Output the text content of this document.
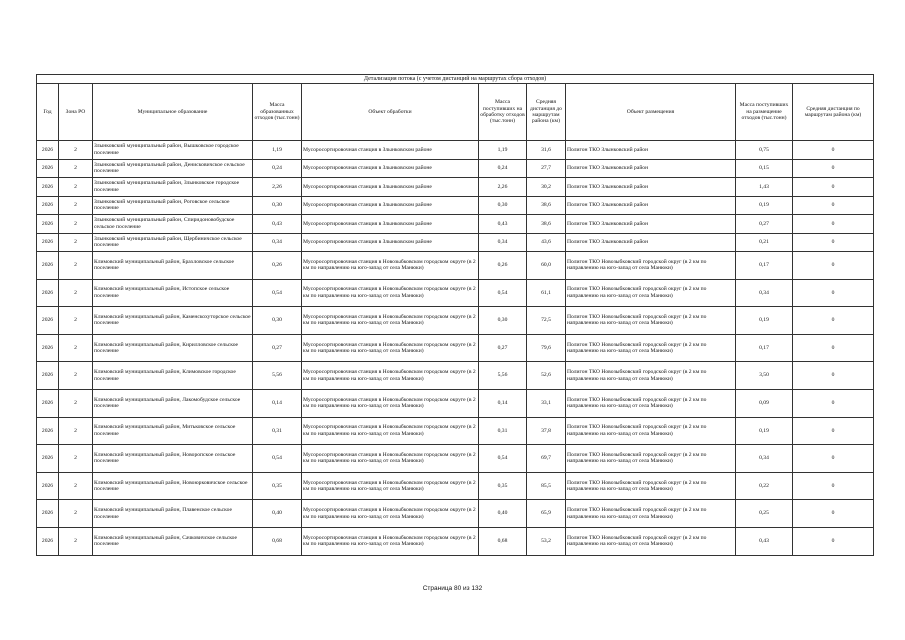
Детализация потока (с учетом дистанций на маршрутах сбора отходов)									
Год	Зона РО	Муниципальное образование	Масса образованных отходов (тыс.тонн)	Объект обработки	Масса поступивших на обработку отходов (тыс.тонн)	Средняя дистанция до маршрутам района (км)	Объект размещения	Масса поступивших на размещение отходов (тыс.тонн)	Средняя дистанция по маршрутам района (км)
2026	2	Злынковский муниципальный район, Вышковское городское поселение	1,19	Мусоросортировочная станция в Злынковском районе	1,19	31,6	Полигон ТКО Злынковский район	0,75	0
2026	2	Злынковский муниципальный район, Денисковичское сельское поселение	0,24	Мусоросортировочная станция в Злынковском районе	0,24	27,7	Полигон ТКО Злынковский район	0,15	0
2026	2	Злынковский муниципальный район, Злынковское городское поселение	2,26	Мусоросортировочная станция в Злынковском районе	2,26	30,2	Полигон ТКО Злынковский район	1,43	0
2026	2	Злынковский муниципальный район, Роговское сельское поселение	0,30	Мусоросортировочная станция в Злынковском районе	0,30	38,6	Полигон ТКО Злынковский район	0,19	0
2026	2	Злынковский муниципальный район, Спиридоновобудское сельское поселение	0,43	Мусоросортировочная станция в Злынковском районе	0,43	38,6	Полигон ТКО Злынковский район	0,27	0
2026	2	Злынковский муниципальный район, Щербиничское сельское поселение	0,34	Мусоросортировочная станция в Злынковском районе	0,34	43,6	Полигон ТКО Злынковский район	0,21	0
2026	2	Климовский муниципальный район, Брахловское сельское поселение	0,26	Мусоросортировочная станция в Новозыбковском городском округе (в 2 км по направлению на юго-запад от села Манюки)	0,26	60,0	Полигон ТКО Новозыбковский городской округ (в 2 км по направлению на юго-запад от села Манюки)	0,17	0
2026	2	Климовский муниципальный район, Истопское сельское поселение	0,54	Мусоросортировочная станция в Новозыбковском городском округе (в 2 км по направлению на юго-запад от села Манюки)	0,54	61,1	Полигон ТКО Новозыбковский городской округ (в 2 км по направлению на юго-запад от села Манюки)	0,34	0
2026	2	Климовский муниципальный район, Каменскохуторское сельское поселение	0,30	Мусоросортировочная станция в Новозыбковском городском округе (в 2 км по направлению на юго-запад от села Манюки)	0,30	72,5	Полигон ТКО Новозыбковский городской округ (в 2 км по направлению на юго-запад от села Манюки)	0,19	0
2026	2	Климовский муниципальный район, Кирилловское сельское поселение	0,27	Мусоросортировочная станция в Новозыбковском городском округе (в 2 км по направлению на юго-запад от села Манюки)	0,27	79,6	Полигон ТКО Новозыбковский городской округ (в 2 км по направлению на юго-запад от села Манюки)	0,17	0
2026	2	Климовский муниципальный район, Климовское городское поселение	5,56	Мусоросортировочная станция в Новозыбковском городском округе (в 2 км по направлению на юго-запад от села Манюки)	5,56	52,6	Полигон ТКО Новозыбковский городской округ (в 2 км по направлению на юго-запад от села Манюки)	3,50	0
2026	2	Климовский муниципальный район, Лакомобудское сельское поселение	0,14	Мусоросортировочная станция в Новозыбковском городском округе (в 2 км по направлению на юго-запад от села Манюки)	0,14	33,1	Полигон ТКО Новозыбковский городской округ (в 2 км по направлению на юго-запад от села Манюки)	0,09	0
2026	2	Климовский муниципальный район, Митьковское сельское поселение	0,31	Мусоросортировочная станция в Новозыбковском городском округе (в 2 км по направлению на юго-запад от села Манюки)	0,31	37,8	Полигон ТКО Новозыбковский городской округ (в 2 км по направлению на юго-запад от села Манюки)	0,19	0
2026	2	Климовский муниципальный район, Новоропское сельское поселение	0,54	Мусоросортировочная станция в Новозыбковском городском округе (в 2 км по направлению на юго-запад от села Манюки)	0,54	69,7	Полигон ТКО Новозыбковский городской округ (в 2 км по направлению на юго-запад от села Манюки)	0,34	0
2026	2	Климовский муниципальный район, Новоюрковичское сельское поселение	0,35	Мусоросортировочная станция в Новозыбковском городском округе (в 2 км по направлению на юго-запад от села Манюки)	0,35	85,5	Полигон ТКО Новозыбковский городской округ (в 2 км по направлению на юго-запад от села Манюки)	0,22	0
2026	2	Климовский муниципальный район, Плавенское сельское поселение	0,40	Мусоросортировочная станция в Новозыбковском городском округе (в 2 км по направлению на юго-запад от села Манюки)	0,40	65,9	Полигон ТКО Новозыбковский городской округ (в 2 км по направлению на юго-запад от села Манюки)	0,25	0
2026	2	Климовский муниципальный район, Сачковичское сельское поселение	0,68	Мусоросортировочная станция в Новозыбковском городском округе (в 2 км по направлению на юго-запад от села Манюки)	0,68	53,2	Полигон ТКО Новозыбковский городской округ (в 2 км по направлению на юго-запад от села Манюки)	0,43	0
Страница 80 из 132
